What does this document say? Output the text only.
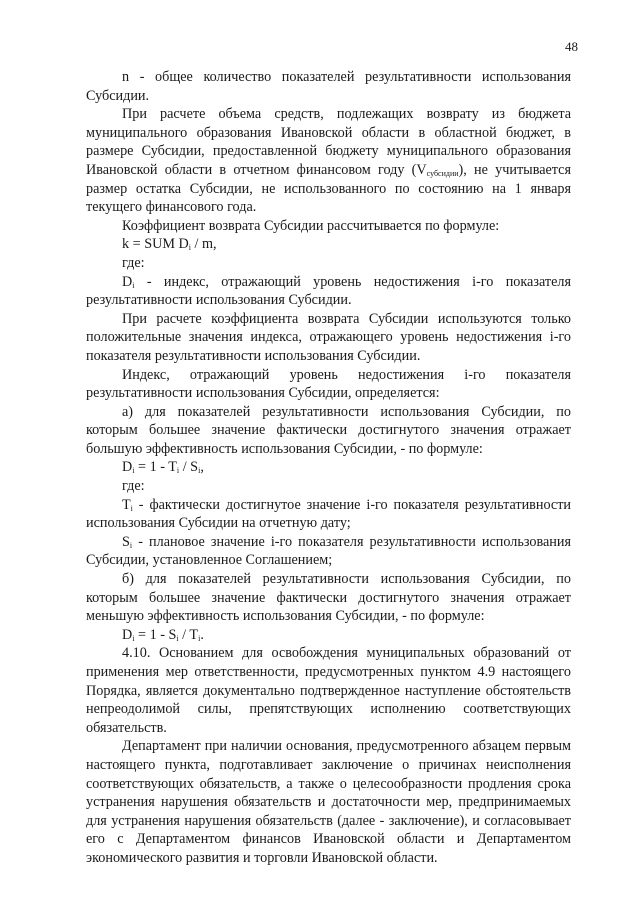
48

n - общее количество показателей результативности использования Субсидии.

При расчете объема средств, подлежащих возврату из бюджета муниципального образования Ивановской области в областной бюджет, в размере Субсидии, предоставленной бюджету муниципального образования Ивановской области в отчетном финансовом году $(V_{субсидии})$, не учитывается размер остатка Субсидии, не использованного по состоянию на 1 января текущего финансового года.

Коэффициент возврата Субсидии рассчитывается по формуле:

k = SUM $D_i$ / m,

где:

$D_i$ - индекс, отражающий уровень недостижения i-го показателя результативности использования Субсидии.

При расчете коэффициента возврата Субсидии используются только положительные значения индекса, отражающего уровень недостижения i-го показателя результативности использования Субсидии.

Индекс, отражающий уровень недостижения i-го показателя результативности использования Субсидии, определяется:

а) для показателей результативности использования Субсидии, по которым большее значение фактически достигнутого значения отражает большую эффективность использования Субсидии, - по формуле:

$D_i = 1 - T_i / S_i$,

где:

$T_i$ - фактически достигнутое значение i-го показателя результативности использования Субсидии на отчетную дату;

$S_i$ - плановое значение i-го показателя результативности использования Субсидии, установленное Соглашением;

б) для показателей результативности использования Субсидии, по которым большее значение фактически достигнутого значения отражает меньшую эффективность использования Субсидии, - по формуле:

$D_i = 1 - S_i / T_i$.

4.10. Основанием для освобождения муниципальных образований от применения мер ответственности, предусмотренных пунктом 4.9 настоящего Порядка, является документально подтвержденное наступление обстоятельств непреодолимой силы, препятствующих исполнению соответствующих обязательств.

Департамент при наличии основания, предусмотренного абзацем первым настоящего пункта, подготавливает заключение о причинах неисполнения соответствующих обязательств, а также о целесообразности продления срока устранения нарушения обязательств и достаточности мер, предпринимаемых для устранения нарушения обязательств (далее - заключение), и согласовывает его с Департаментом финансов Ивановской области и Департаментом экономического развития и торговли Ивановской области.
